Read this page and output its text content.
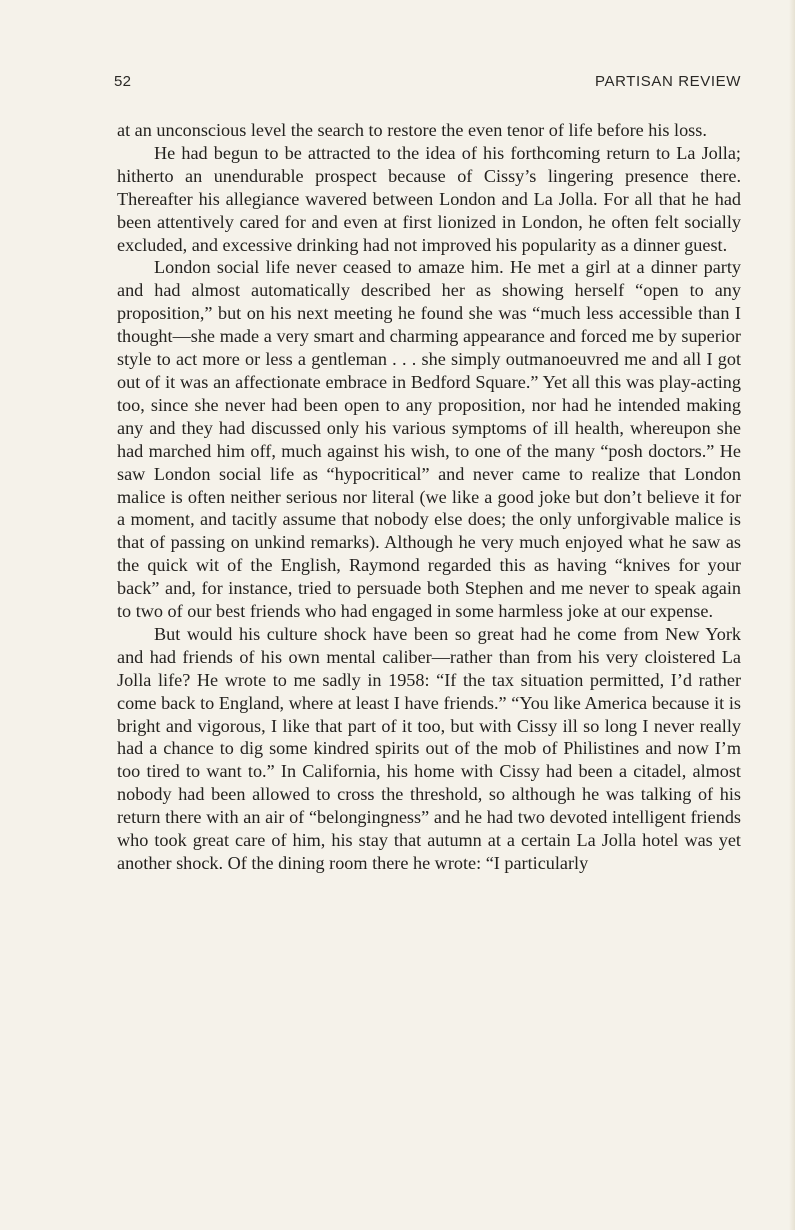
52	PARTISAN REVIEW

at an unconscious level the search to restore the even tenor of life before his loss.

He had begun to be attracted to the idea of his forthcoming return to La Jolla; hitherto an unendurable prospect because of Cissy’s lingering presence there. Thereafter his allegiance wavered between London and La Jolla. For all that he had been attentively cared for and even at first lionized in London, he often felt socially excluded, and excessive drinking had not improved his popularity as a dinner guest.

London social life never ceased to amaze him. He met a girl at a dinner party and had almost automatically described her as showing herself “open to any proposition,” but on his next meeting he found she was “much less accessible than I thought—she made a very smart and charming appearance and forced me by superior style to act more or less a gentleman . . . she simply outmanoeuvred me and all I got out of it was an affectionate embrace in Bedford Square.” Yet all this was play-acting too, since she never had been open to any proposition, nor had he intended making any and they had discussed only his various symptoms of ill health, whereupon she had marched him off, much against his wish, to one of the many “posh doctors.” He saw London social life as “hypocritical” and never came to realize that London malice is often neither serious nor literal (we like a good joke but don’t believe it for a moment, and tacitly assume that nobody else does; the only unforgivable malice is that of passing on unkind remarks). Although he very much enjoyed what he saw as the quick wit of the English, Raymond regarded this as having “knives for your back” and, for instance, tried to persuade both Stephen and me never to speak again to two of our best friends who had engaged in some harmless joke at our expense.

But would his culture shock have been so great had he come from New York and had friends of his own mental caliber—rather than from his very cloistered La Jolla life? He wrote to me sadly in 1958: “If the tax situation permitted, I’d rather come back to England, where at least I have friends.” “You like America because it is bright and vigorous, I like that part of it too, but with Cissy ill so long I never really had a chance to dig some kindred spirits out of the mob of Philistines and now I’m too tired to want to.” In California, his home with Cissy had been a citadel, almost nobody had been allowed to cross the threshold, so although he was talking of his return there with an air of “belongingness” and he had two devoted intelligent friends who took great care of him, his stay that autumn at a certain La Jolla hotel was yet another shock. Of the dining room there he wrote: “I particularly
